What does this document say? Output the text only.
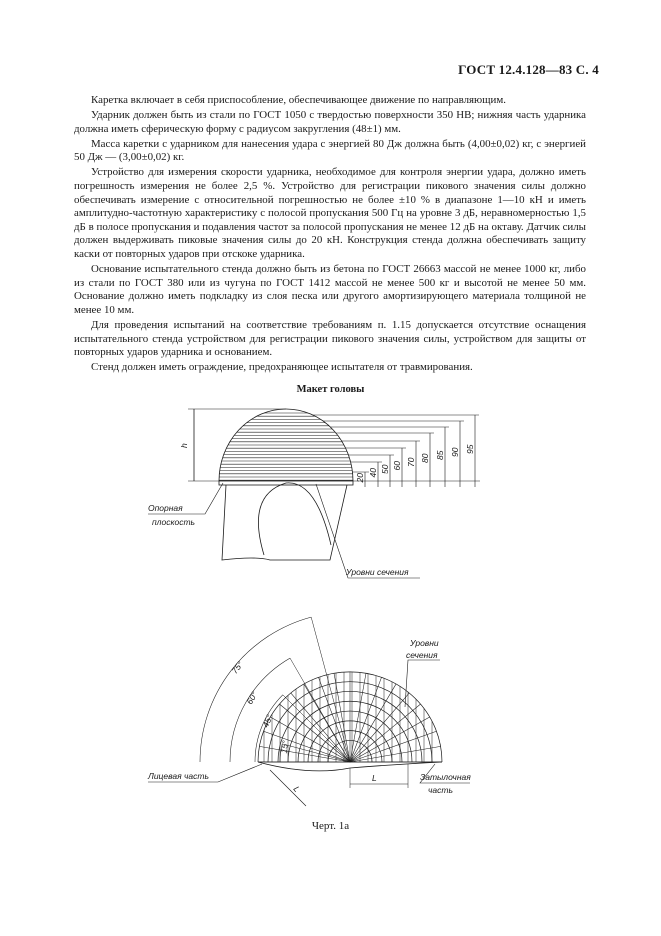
ГОСТ 12.4.128—83 С. 4

Каретка включает в себя приспособление, обеспечивающее движение по направляющим.

Ударник должен быть из стали по ГОСТ 1050 с твердостью поверхности 350 НВ; нижняя часть ударника должна иметь сферическую форму с радиусом закругления (48±1) мм.

Масса каретки с ударником для нанесения удара с энергией 80 Дж должна быть (4,00±0,02) кг, с энергией 50 Дж — (3,00±0,02) кг.

Устройство для измерения скорости ударника, необходимое для контроля энергии удара, должно иметь погрешность измерения не более 2,5 %. Устройство для регистрации пикового значения силы должно обеспечивать измерение с относительной погрешностью не более ±10 % в диапазоне 1—10 кН и иметь амплитудно-частотную характеристику с полосой пропускания 500 Гц на уровне 3 дБ, неравномерностью 1,5 дБ в полосе пропускания и подавления частот за полосой пропускания не менее 12 дБ на октаву. Датчик силы должен выдерживать пиковые значения силы до 20 кН. Конструкция стенда должна обеспечивать защиту каски от повторных ударов при отскоке ударника.

Основание испытательного стенда должно быть из бетона по ГОСТ 26663 массой не менее 1000 кг, либо из стали по ГОСТ 380 или из чугуна по ГОСТ 1412 массой не менее 500 кг и высотой не менее 50 мм. Основание должно иметь подкладку из слоя песка или другого амортизирующего материала толщиной не менее 10 мм.

Для проведения испытаний на соответствие требованиям п. 1.15 допускается отсутствие оснащения испытательного стенда устройством для регистрации пикового значения силы, устройством для защиты от повторных ударов ударника и основанием.

Стенд должен иметь ограждение, предохраняющее испытателя от травмирования.

Макет головы
h
20
40 50 60 70 80 85 90 95
Опорная
плоскость
Уровни сечения
75°
60°
45°
15°
Уровни
сечения
Лицевая часть	Затылочная
часть
L
L
Черт. 1а
